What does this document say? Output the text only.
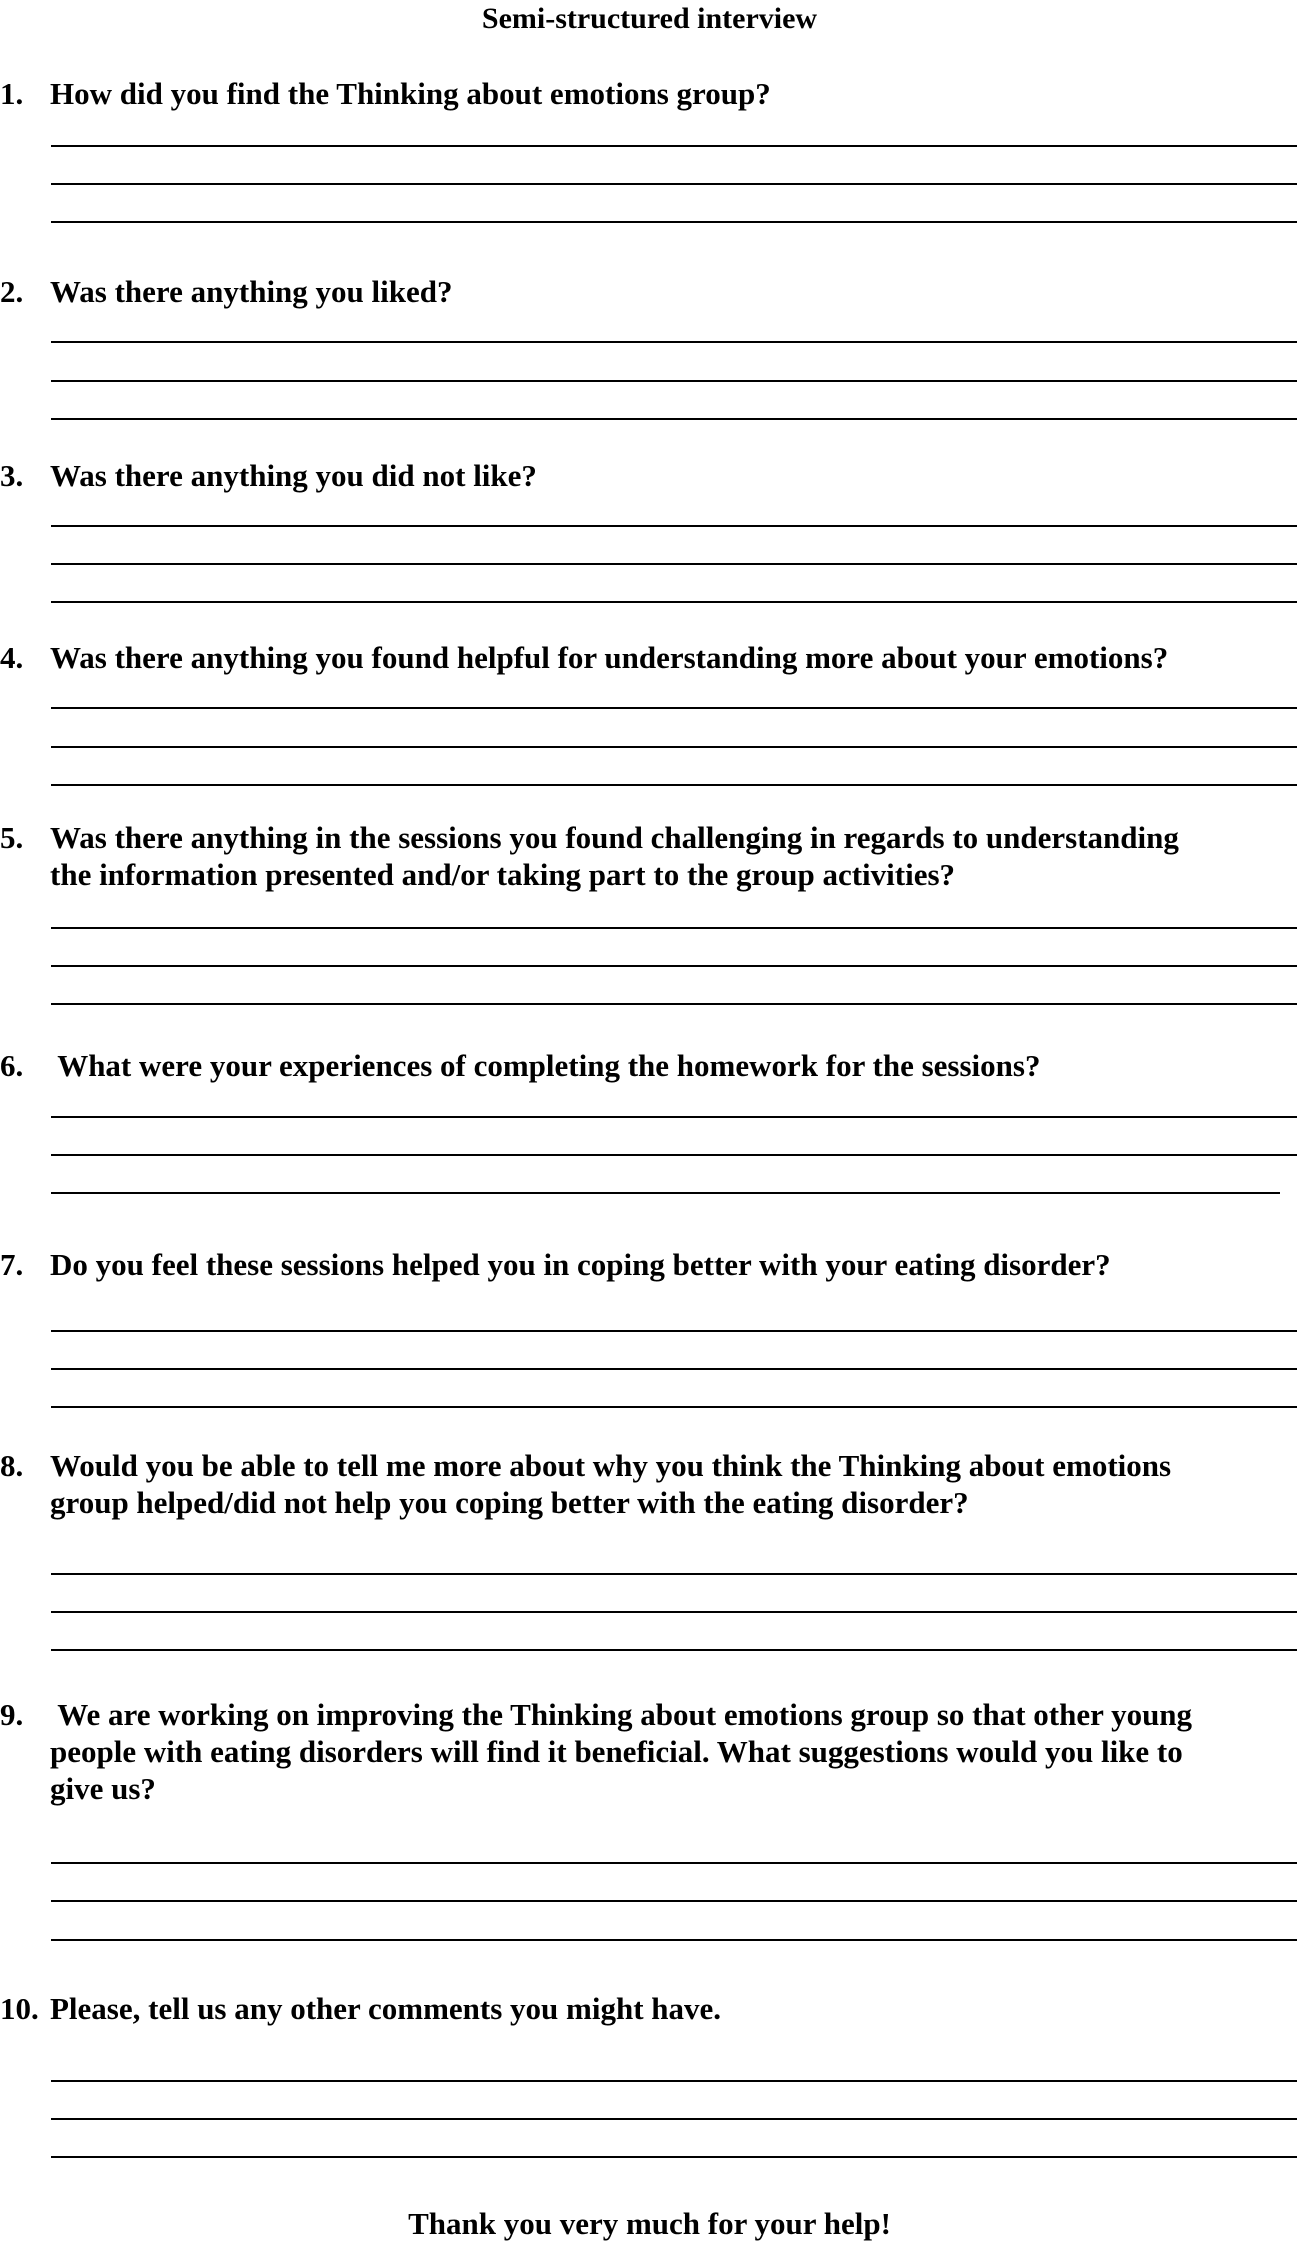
Semi-structured interview
1. How did you find the Thinking about emotions group?
2. Was there anything you liked?
3. Was there anything you did not like?
4. Was there anything you found helpful for understanding more about your emotions?
5. Was there anything in the sessions you found challenging in regards to understanding
the information presented and/or taking part to the group activities?
6. What were your experiences of completing the homework for the sessions?
7. Do you feel these sessions helped you in coping better with your eating disorder?
8. Would you be able to tell me more about why you think the Thinking about emotions
group helped/did not help you coping better with the eating disorder?
9. We are working on improving the Thinking about emotions group so that other young
people with eating disorders will find it beneficial. What suggestions would you like to
give us?
10. Please, tell us any other comments you might have.
Thank you very much for your help!
